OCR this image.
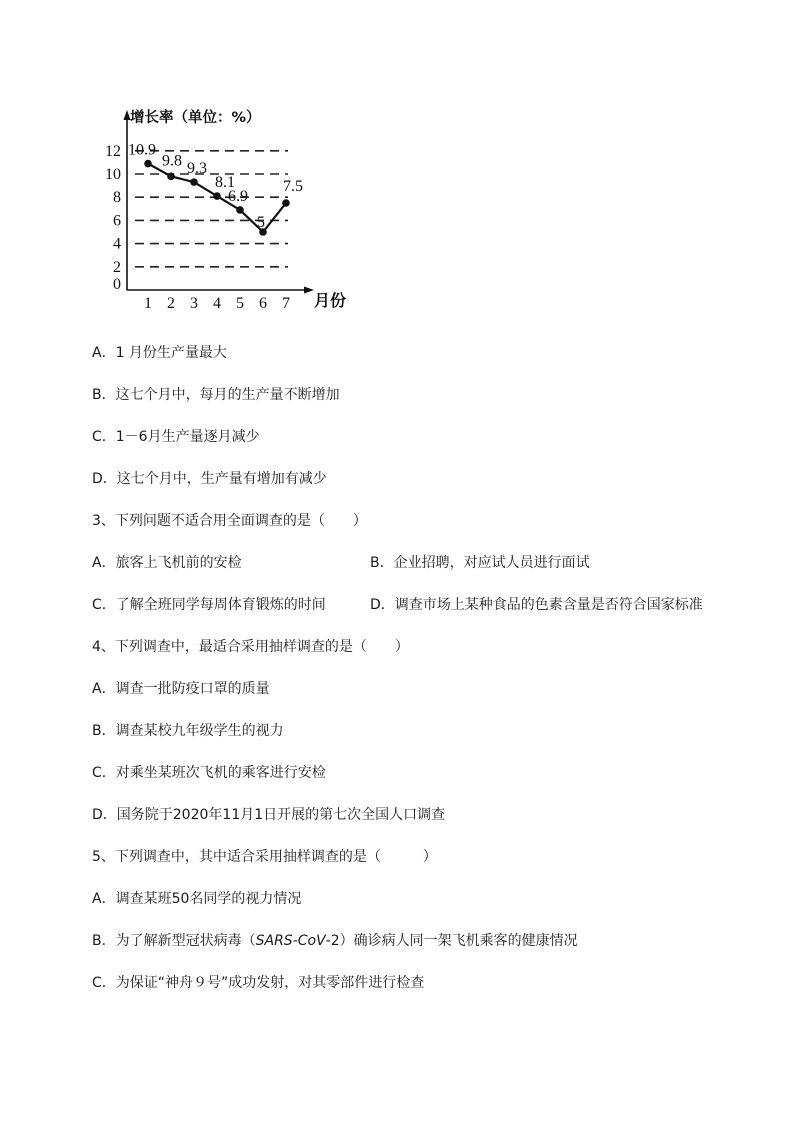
0
2
4
6
8
10
12
1 2 3 4 5 6 7
增长率（单位：%）
月份
10.9
9.8 9.3
8.1
6.9
5
7.5
A．1 月份生产量最大
B．这七个月中，每月的生产量不断增加
C．1－6月生产量逐月减少
D．这七个月中，生产量有增加有减少
3、下列问题不适合用全面调查的是（　　）
A．旅客上飞机前的安检	B．企业招聘，对应试人员进行面试
C．了解全班同学每周体育锻炼的时间	D．调查市场上某种食品的色素含量是否符合国家标准
4、下列调查中，最适合采用抽样调查的是（　　）
A．调查一批防疫口罩的质量
B．调查某校九年级学生的视力
C．对乘坐某班次飞机的乘客进行安检
D．国务院于2020年11月1日开展的第七次全国人口调查
5、下列调查中，其中适合采用抽样调查的是（　　　）
A．调查某班50名同学的视力情况
B．为了解新型冠状病毒（SARS-CoV-2）确诊病人同一架飞机乘客的健康情况
C．为保证“神舟９号”成功发射，对其零部件进行检查
